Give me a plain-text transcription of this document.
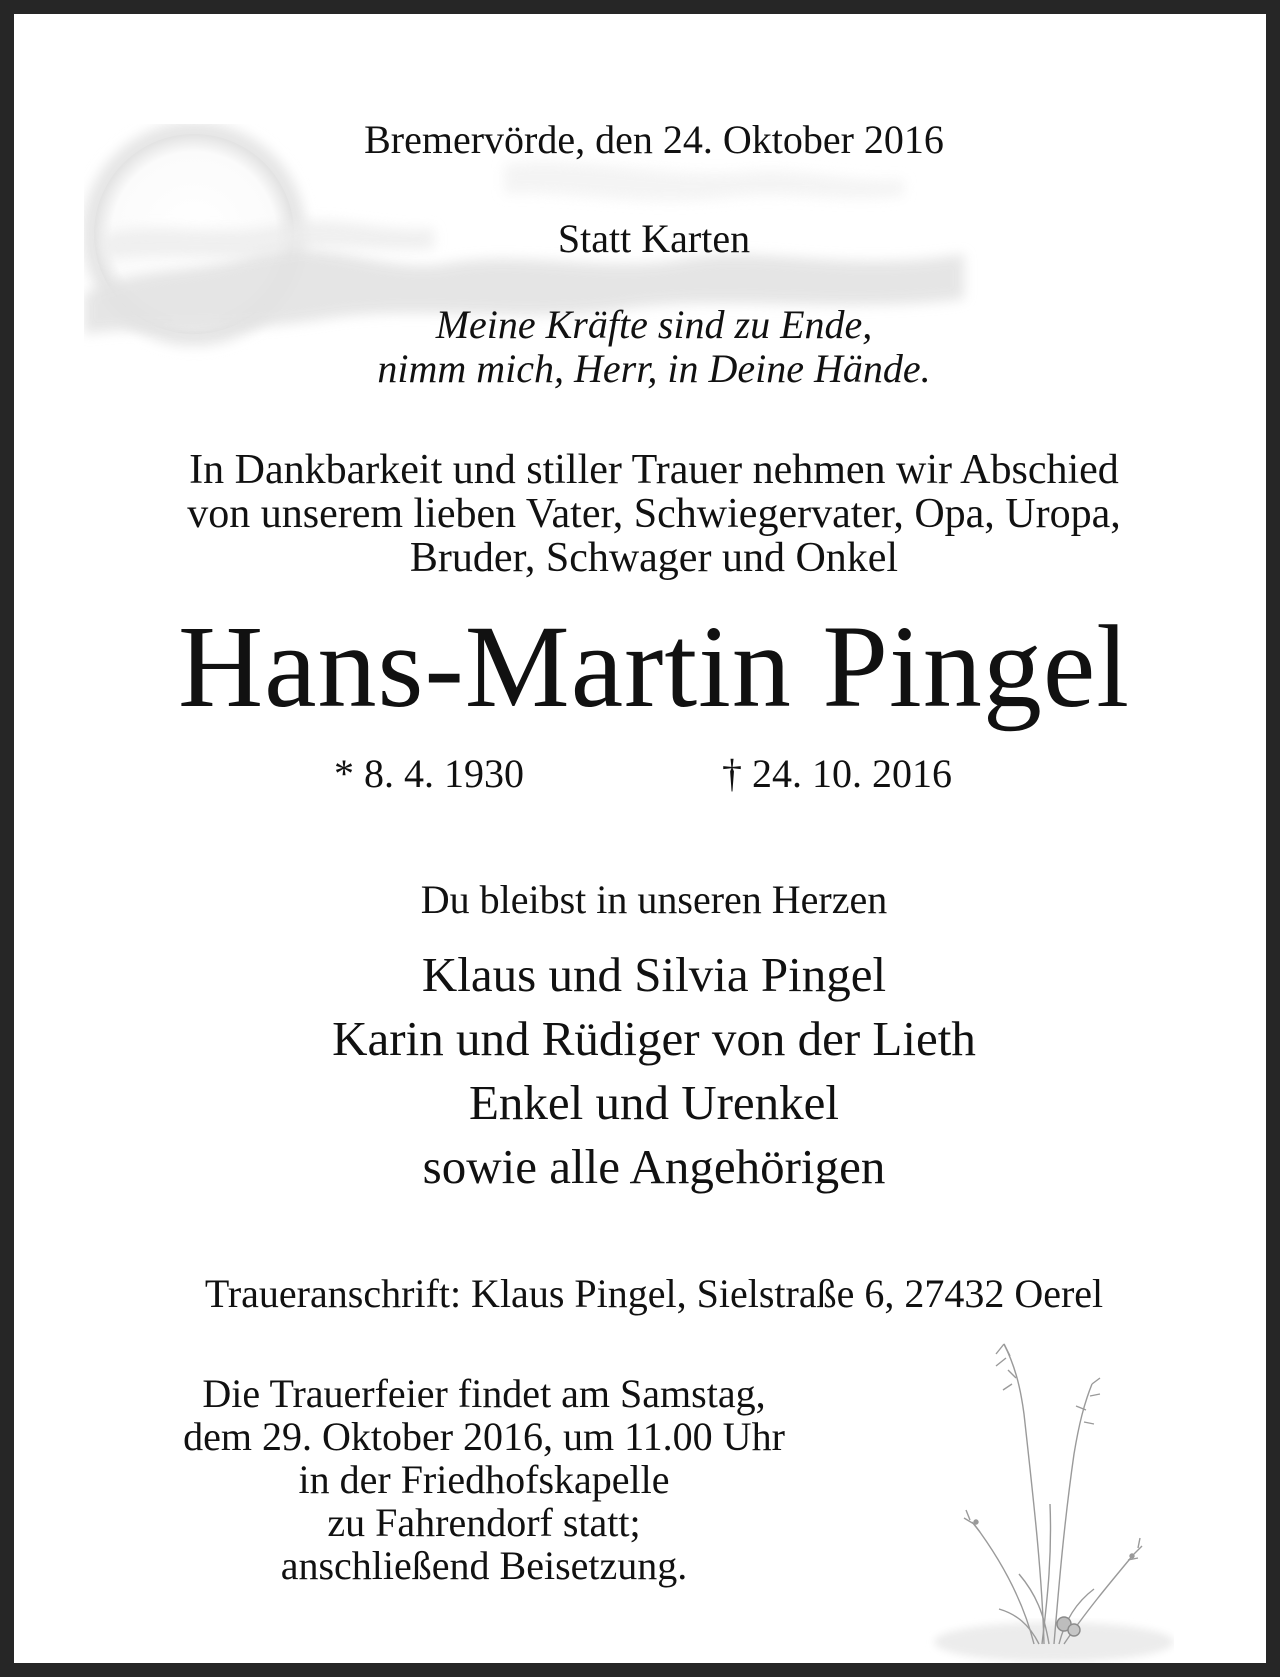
Bremervörde, den 24. Oktober 2016
Statt Karten
Meine Kräfte sind zu Ende,
nimm mich, Herr, in Deine Hände.
In Dankbarkeit und stiller Trauer nehmen wir Abschied
von unserem lieben Vater, Schwiegervater, Opa, Uropa,
Bruder, Schwager und Onkel
Hans-Martin Pingel
* 8. 4. 1930	† 24. 10. 2016
Du bleibst in unseren Herzen
Klaus und Silvia Pingel
Karin und Rüdiger von der Lieth
Enkel und Urenkel
sowie alle Angehörigen
Traueranschrift: Klaus Pingel, Sielstraße 6, 27432 Oerel
Die Trauerfeier findet am Samstag,
dem 29. Oktober 2016, um 11.00 Uhr
in der Friedhofskapelle
zu Fahrendorf statt;
anschließend Beisetzung.
